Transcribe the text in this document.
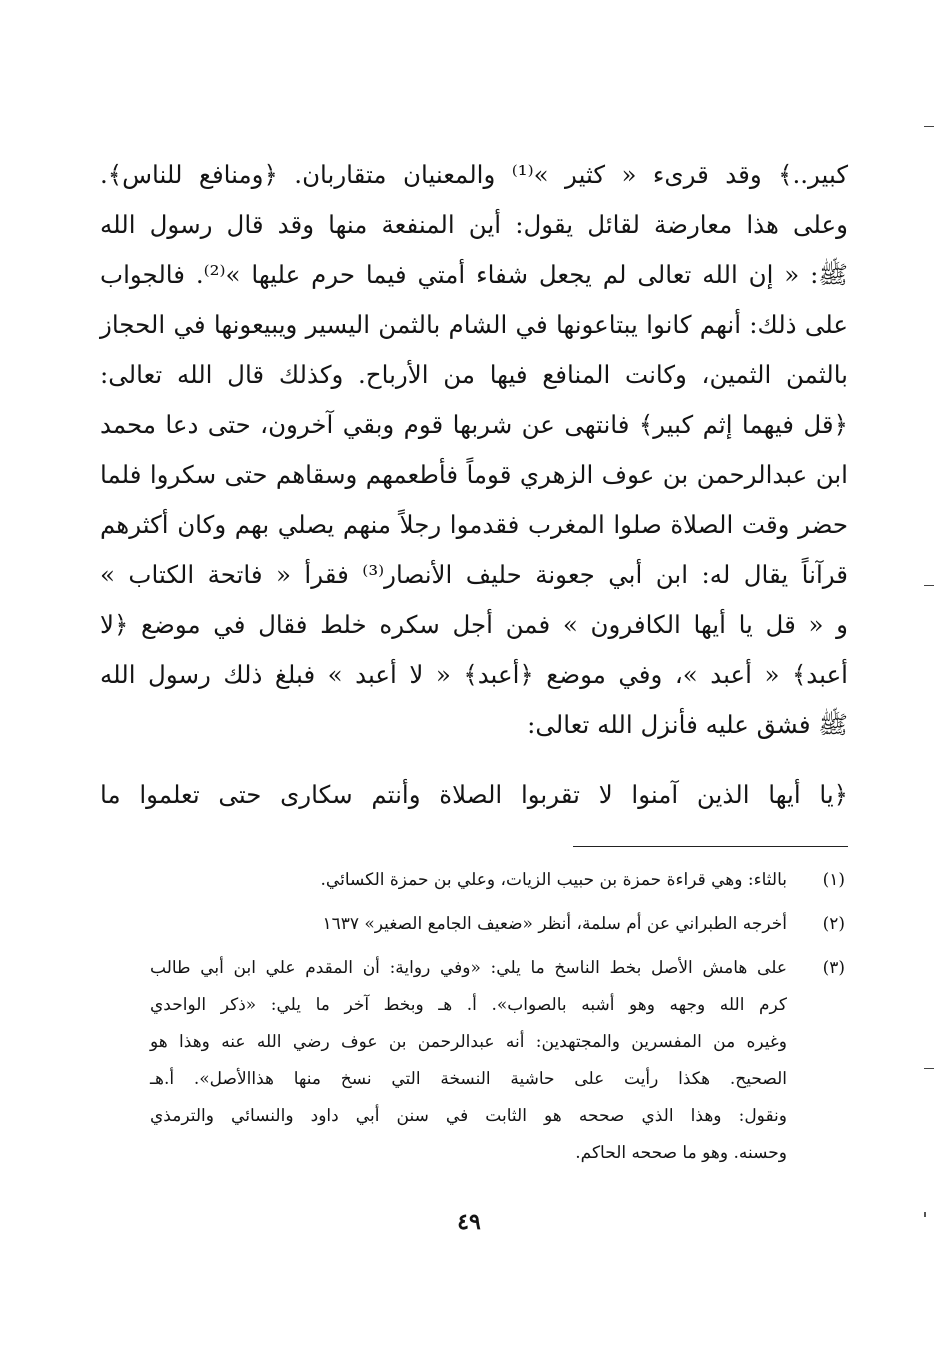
كبير..﴾ وقد قرىء « كثير »⁽¹⁾ والمعنيان متقاربان. ﴿ومنافع للناس﴾.
وعلى هذا معارضة لقائل يقول: أين المنفعة منها وقد قال رسول الله
ﷺ: « إن الله تعالى لم يجعل شفاء أمتي فيما حرم عليها »⁽²⁾. فالجواب
على ذلك: أنهم كانوا يبتاعونها في الشام بالثمن اليسير ويبيعونها في الحجاز
بالثمن الثمين، وكانت المنافع فيها من الأرباح. وكذلك قال الله تعالى:
﴿قل فيهما إثم كبير﴾ فانتهى عن شربها قوم وبقي آخرون، حتى دعا محمد
ابن عبدالرحمن بن عوف الزهري قوماً فأطعمهم وسقاهم حتى سكروا فلما
حضر وقت الصلاة صلوا المغرب فقدموا رجلاً منهم يصلي بهم وكان أكثرهم
قرآناً يقال له: ابن أبي جعونة حليف الأنصار⁽³⁾ فقرأ « فاتحة الكتاب »
و « قل يا أيها الكافرون » فمن أجل سكره خلط فقال في موضع ﴿لا
أعبد﴾ « أعبد »، وفي موضع ﴿أعبد﴾ « لا أعبد » فبلغ ذلك رسول الله
ﷺ فشق عليه فأنزل الله تعالى:
﴿يا أيها الذين آمنوا لا تقربوا الصلاة وأنتم سكارى حتى تعلموا ما
(١)
بالثاء: وهي قراءة حمزة بن حبيب الزيات، وعلي بن حمزة الكسائي.
(٢)
أخرجه الطبراني عن أم سلمة، أنظر «ضعيف الجامع الصغير» ١٦٣٧
(٣)
على هامش الأصل بخط الناسخ ما يلي: «وفي رواية: أن المقدم علي ابن أبي طالب
كرم الله وجهه وهو أشبه بالصواب». أ. هـ وبخط آخر ما يلي: «ذكر الواحدي
وغيره من المفسرين والمجتهدين: أنه عبدالرحمن بن عوف رضي الله عنه وهذا هو
الصحيح. هكذا رأيت على حاشية النسخة التي نسخ منها هذاالأصل». أ.هـ
ونقول: وهذا الذي صححه هو الثابت في سنن أبي داود والنسائي والترمذي
وحسنه. وهو ما صححه الحاكم.
٤٩
